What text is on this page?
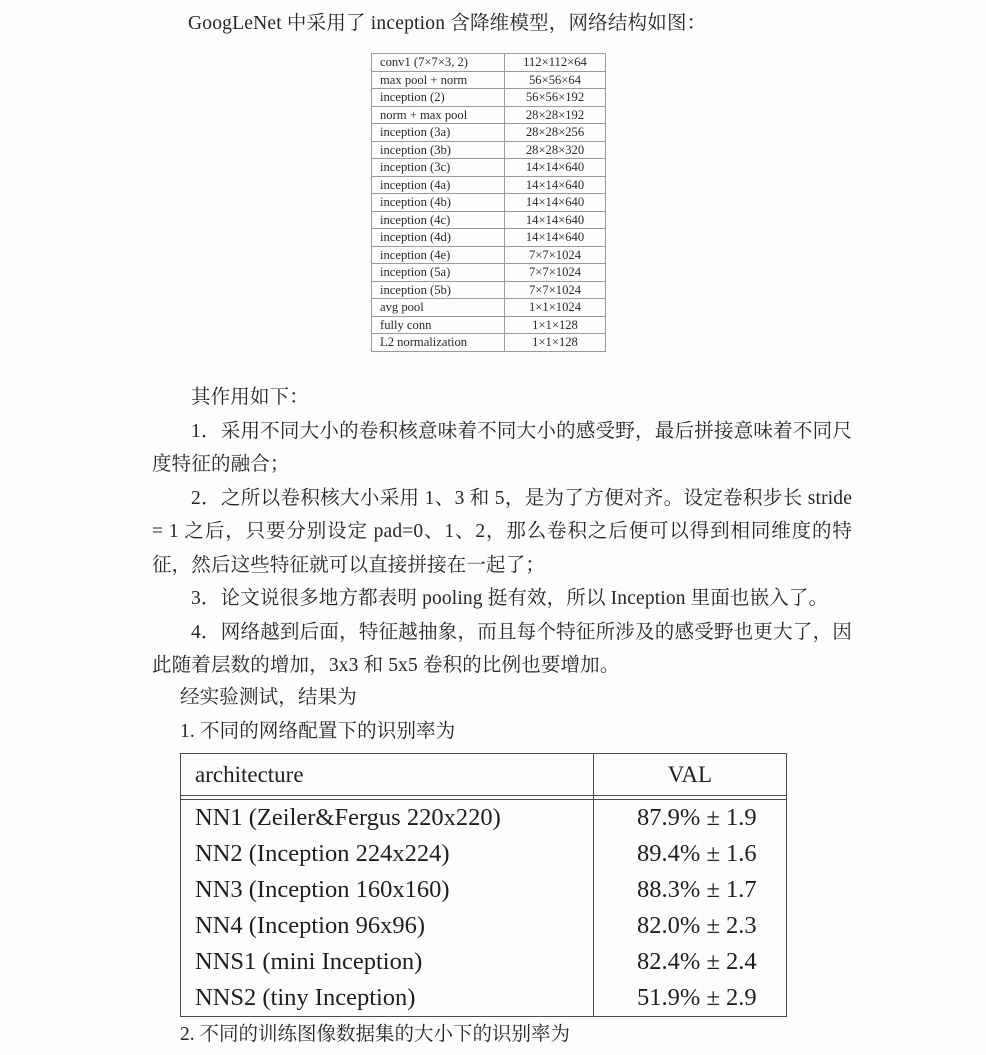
GoogLeNet 中采用了 inception 含降维模型，网络结构如图：
conv1 (7×7×3, 2)	112×112×64
max pool + norm	56×56×64
inception (2)	56×56×192
norm + max pool	28×28×192
inception (3a)	28×28×256
inception (3b)	28×28×320
inception (3c)	14×14×640
inception (4a)	14×14×640
inception (4b)	14×14×640
inception (4c)	14×14×640
inception (4d)	14×14×640
inception (4e)	7×7×1024
inception (5a)	7×7×1024
inception (5b)	7×7×1024
avg pool	1×1×1024
fully conn	1×1×128
L2 normalization	1×1×128

其作用如下：

1．采用不同大小的卷积核意味着不同大小的感受野，最后拼接意味着不同尺度特征的融合；

2．之所以卷积核大小采用 1、3 和 5，是为了方便对齐。设定卷积步长 stride = 1 之后，只要分别设定 pad=0、1、2，那么卷积之后便可以得到相同维度的特征，然后这些特征就可以直接拼接在一起了；

3．论文说很多地方都表明 pooling 挺有效，所以 Inception 里面也嵌入了。

4．网络越到后面，特征越抽象，而且每个特征所涉及的感受野也更大了，因此随着层数的增加，3x3 和 5x5 卷积的比例也要增加。

经实验测试，结果为

1. 不同的网络配置下的识别率为

architecture	VAL

NN1 (Zeiler&Fergus 220x220)	87.9% ± 1.9
NN2 (Inception 224x224)	89.4% ± 1.6
NN3 (Inception 160x160)	88.3% ± 1.7
NN4 (Inception 96x96)	82.0% ± 2.3
NNS1 (mini Inception)	82.4% ± 2.4
NNS2 (tiny Inception)	51.9% ± 2.9
2. 不同的训练图像数据集的大小下的识别率为
